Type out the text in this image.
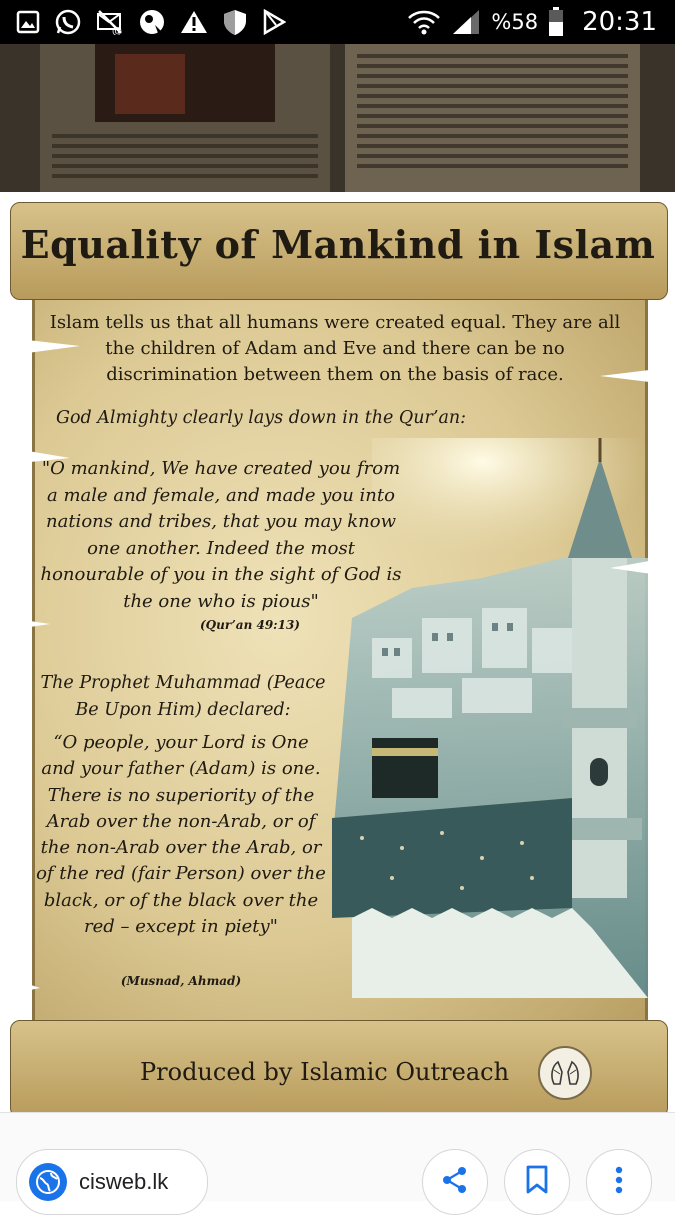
@	%58 20:31
Equality of Mankind in Islam
Islam tells us that all humans were created equal. They are all the children of Adam and Eve and there can be no discrimination between them on the basis of race.
God Almighty clearly lays down in the Qur’an:
"O mankind, We have created you from a male and female, and made you into nations and tribes, that you may know one another. Indeed the most honourable of you in the sight of God is the one who is pious"
(Qur’an 49:13)
The Prophet Muhammad (Peace Be Upon Him) declared:
“O people, your Lord is One and your father (Adam) is one. There is no superiority of the Arab over the non-Arab, or of the non-Arab over the Arab, or of the red (fair Person) over the black, or of the black over the red – except in piety"
(Musnad, Ahmad)
Produced by Islamic Outreach
cisweb.lk
